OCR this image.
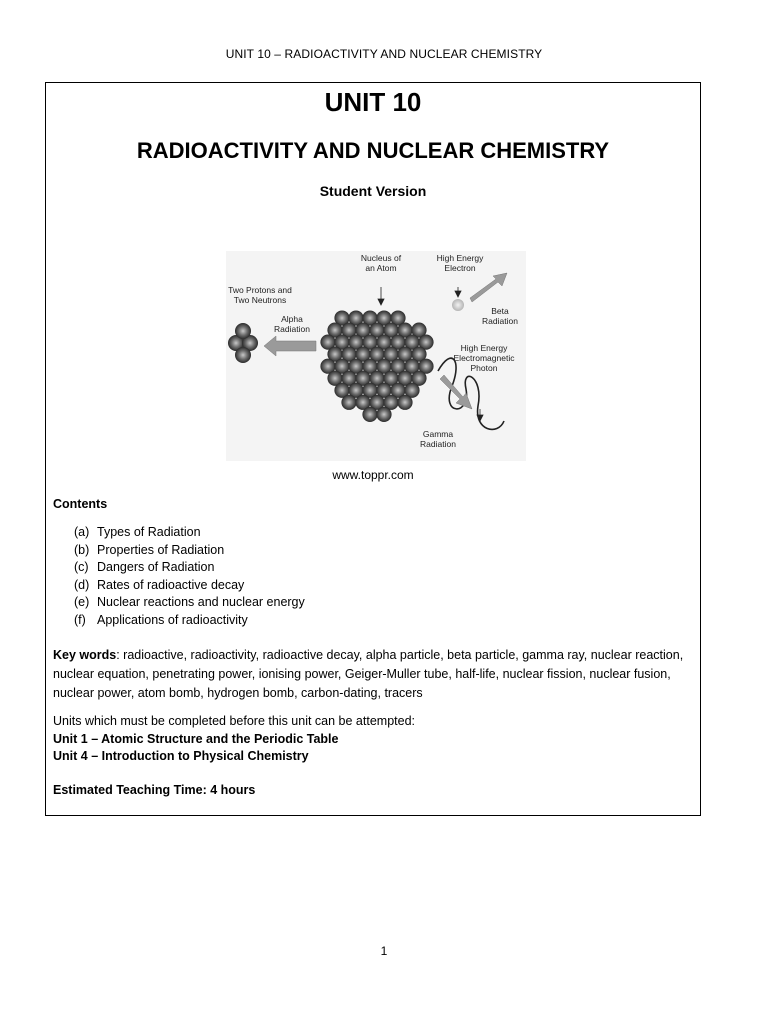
UNIT 10 – RADIOACTIVITY AND NUCLEAR CHEMISTRY
UNIT 10
RADIOACTIVITY AND NUCLEAR CHEMISTRY
Student Version
Nucleus of
an Atom
High Energy
Electron
Two Protons and
Two Neutrons
Alpha
Radiation
Beta
Radiation
High Energy
Electromagnetic
Photon
Gamma
Radiation
www.toppr.com
Contents
(a) Types of Radiation
(b) Properties of Radiation
(c) Dangers of Radiation
(d) Rates of radioactive decay
(e) Nuclear reactions and nuclear energy
(f) Applications of radioactivity
Key words: radioactive, radioactivity, radioactive decay, alpha particle, beta particle, gamma ray, nuclear reaction, nuclear equation, penetrating power, ionising power, Geiger-Muller tube, half-life, nuclear fission, nuclear fusion, nuclear power, atom bomb, hydrogen bomb, carbon-dating, tracers
Units which must be completed before this unit can be attempted:
Unit 1 – Atomic Structure and the Periodic Table
Unit 4 – Introduction to Physical Chemistry
Estimated Teaching Time: 4 hours
1
